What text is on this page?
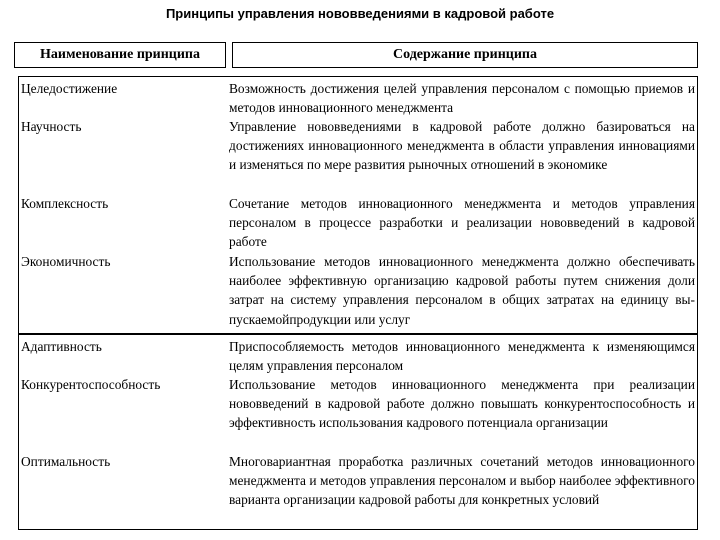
Принципы управления нововведениями в кадровой работе
Наименование принципа	Содержание принципа
Целедостижение	Возможность достижения целей управления персоналом с помощью приемов и методов инновационного менеджмента
Научность	Управление нововведениями в кадровой работе должно базироваться на достижениях инновационного менеджмента в области управления инновациями и изменяться по мере развития рыночных отношений в экономике
Комплексность	Сочетание методов инновационного менеджмента и методов управления персоналом в процессе разработки и реализации нововведений в кадровой работе
Экономичность	Использование методов инновационного менеджмента должно обеспечивать наиболее эффективную организацию кадровой работы путем снижения доли затрат на систему управления персоналом в общих затратах на единицу вы-пускаемойпродукции или услуг
Адаптивность	Приспособляемость методов инновационного менеджмента к изменяющимся целям управления персоналом
Конкурентоспособность	Использование методов инновационного менеджмента при реализации нововведений в кадровой работе должно повышать конкурентоспособность и эффективность использования кадрового потенциала организации
Оптимальность	Многовариантная проработка различных сочетаний методов инновационного менеджмента и методов управления персоналом и выбор наиболее эффективного варианта организации кадровой работы для конкретных условий
